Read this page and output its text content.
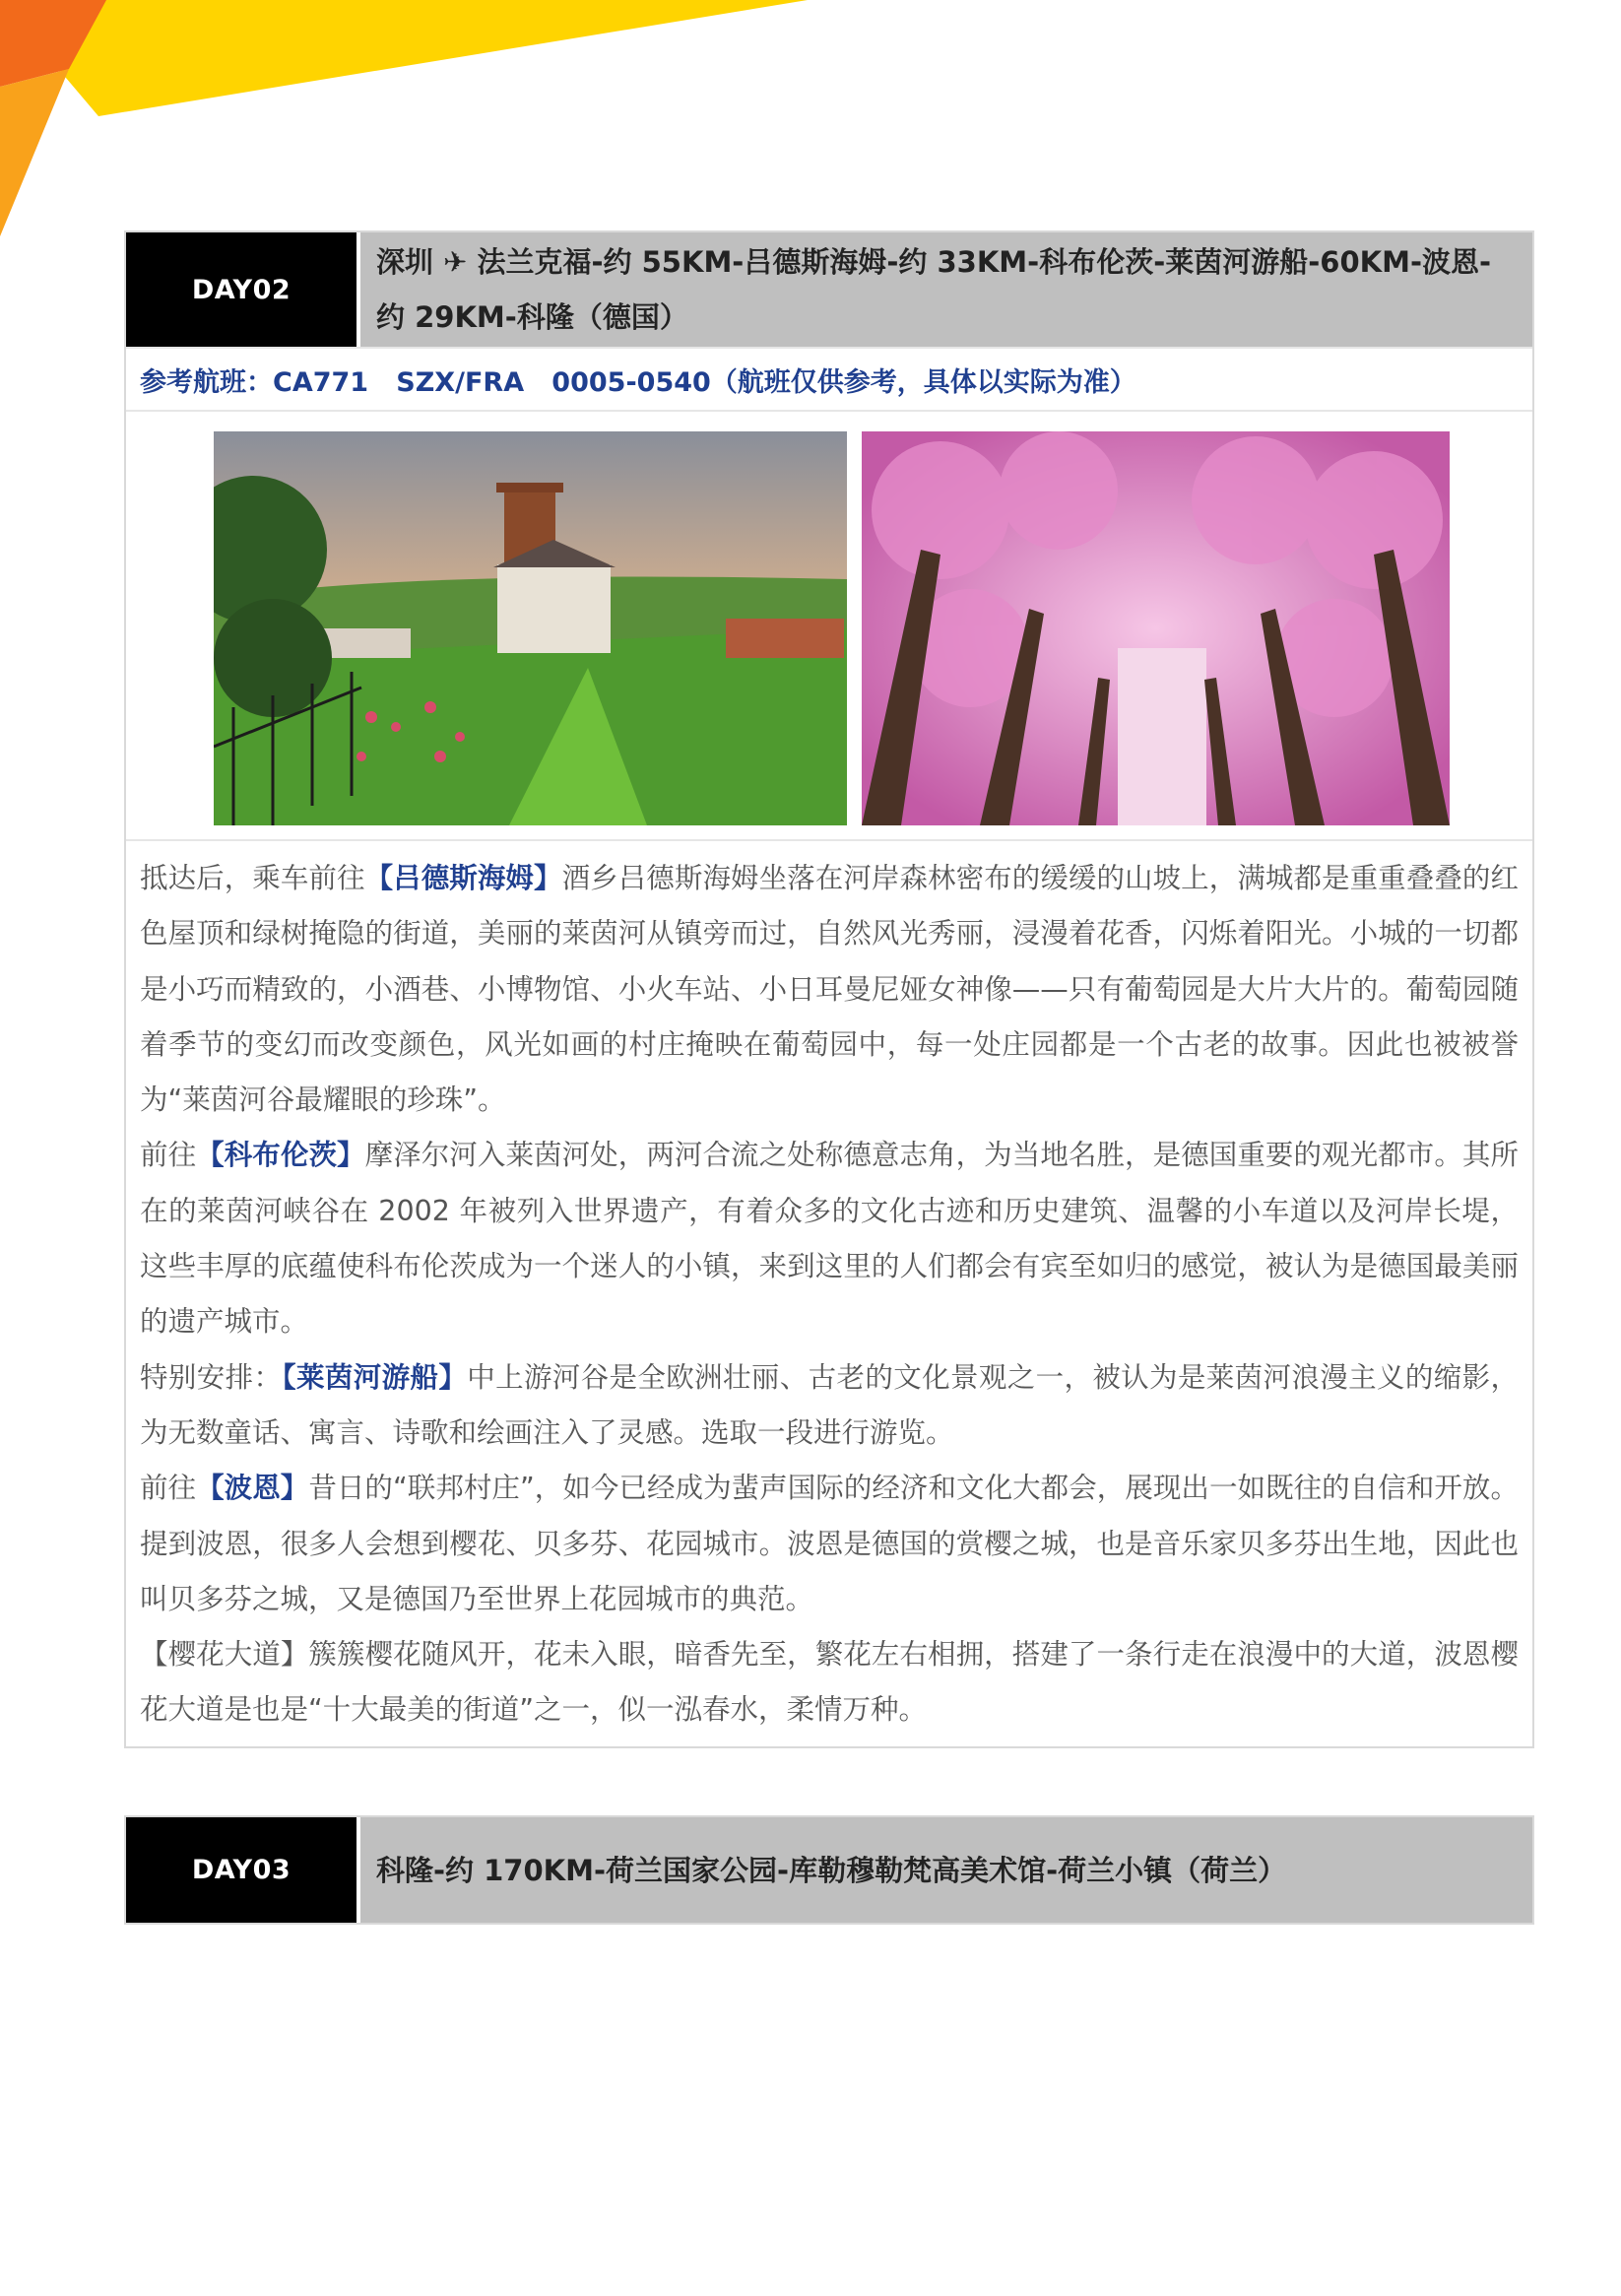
DAY02
深圳 ✈ 法兰克福-约 55KM-吕德斯海姆-约 33KM-科布伦茨-莱茵河游船-60KM-波恩-约 29KM-科隆（德国）
参考航班：CA771   SZX/FRA   0005-0540（航班仅供参考，具体以实际为准）

抵达后，乘车前往【吕德斯海姆】酒乡吕德斯海姆坐落在河岸森林密布的缓缓的山坡上，满城都是重重叠叠的红色屋顶和绿树掩隐的街道，美丽的莱茵河从镇旁而过，自然风光秀丽，浸漫着花香，闪烁着阳光。小城的一切都是小巧而精致的，小酒巷、小博物馆、小火车站、小日耳曼尼娅女神像——只有葡萄园是大片大片的。葡萄园随着季节的变幻而改变颜色，风光如画的村庄掩映在葡萄园中，每一处庄园都是一个古老的故事。因此也被被誉为“莱茵河谷最耀眼的珍珠”。

前往【科布伦茨】摩泽尔河入莱茵河处，两河合流之处称德意志角，为当地名胜，是德国重要的观光都市。其所在的莱茵河峡谷在 2002 年被列入世界遗产，有着众多的文化古迹和历史建筑、温馨的小车道以及河岸长堤，这些丰厚的底蕴使科布伦茨成为一个迷人的小镇，来到这里的人们都会有宾至如归的感觉，被认为是德国最美丽的遗产城市。

特别安排：【莱茵河游船】中上游河谷是全欧洲壮丽、古老的文化景观之一，被认为是莱茵河浪漫主义的缩影，为无数童话、寓言、诗歌和绘画注入了灵感。选取一段进行游览。

前往【波恩】昔日的“联邦村庄”，如今已经成为蜚声国际的经济和文化大都会，展现出一如既往的自信和开放。提到波恩，很多人会想到樱花、贝多芬、花园城市。波恩是德国的赏樱之城，也是音乐家贝多芬出生地，因此也叫贝多芬之城，又是德国乃至世界上花园城市的典范。

【樱花大道】簇簇樱花随风开，花未入眼，暗香先至，繁花左右相拥，搭建了一条行走在浪漫中的大道，波恩樱花大道是也是“十大最美的街道”之一，似一泓春水，柔情万种。

DAY03	科隆-约 170KM-荷兰国家公园-库勒穆勒梵高美术馆-荷兰小镇（荷兰）
